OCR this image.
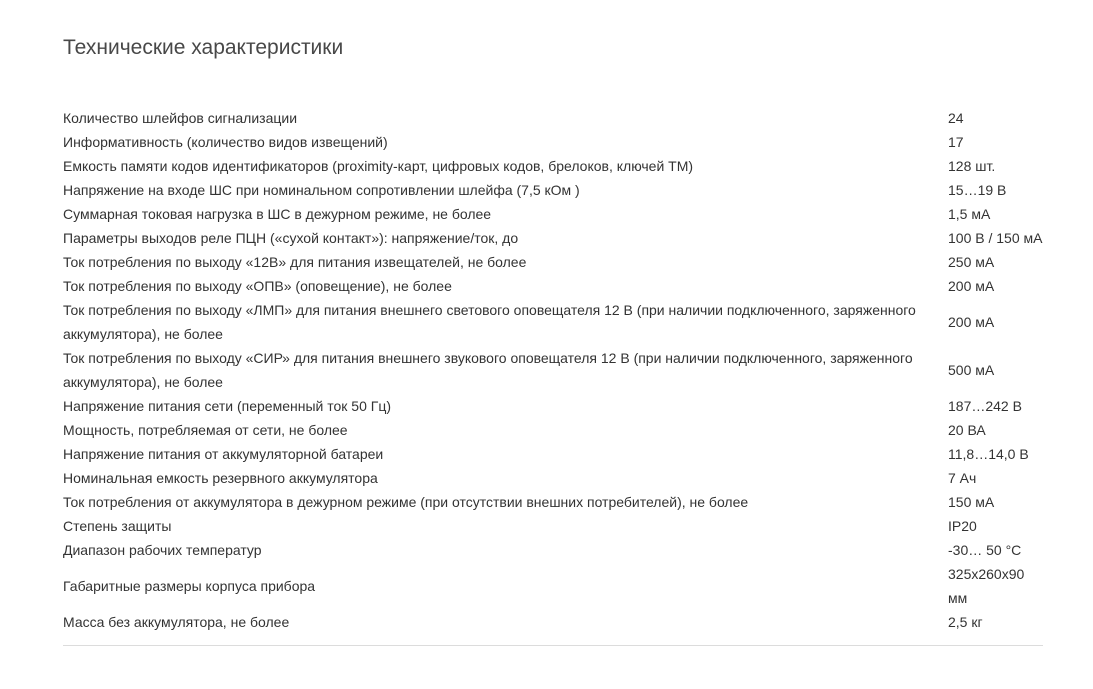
Технические характеристики
Количество шлейфов сигнализации	24
Информативность (количество видов извещений)	17
Емкость памяти кодов идентификаторов (proximity-карт, цифровых кодов, брелоков, ключей ТМ)	128 шт.
Напряжение на входе ШС при номинальном сопротивлении шлейфа (7,5 кОм )	15…19 В
Суммарная токовая нагрузка в ШС в дежурном режиме, не более	1,5 мА
Параметры выходов реле ПЦН («сухой контакт»): напряжение/ток, до	100 В / 150 мА
Ток потребления по выходу «12В» для питания извещателей, не более	250 мА
Ток потребления по выходу «ОПВ» (оповещение), не более	200 мА
Ток потребления по выходу «ЛМП» для питания внешнего светового оповещателя 12 В (при наличии подключенного, заряженного аккумулятора), не более	200 мА
Ток потребления по выходу «СИР» для питания внешнего звукового оповещателя 12 В (при наличии подключенного, заряженного аккумулятора), не более	500 мА
Напряжение питания сети (переменный ток 50 Гц)	187…242 В
Мощность, потребляемая от сети, не более	20 ВА
Напряжение питания от аккумуляторной батареи	11,8…14,0 В
Номинальная емкость резервного аккумулятора	7 Ач
Ток потребления от аккумулятора в дежурном режиме (при отсутствии внешних потребителей), не более	150 мА
Степень защиты	IP20
Диапазон рабочих температур	-30… 50 °C
Габаритные размеры корпуса прибора	325x260x90 мм
Масса без аккумулятора, не более	2,5 кг
